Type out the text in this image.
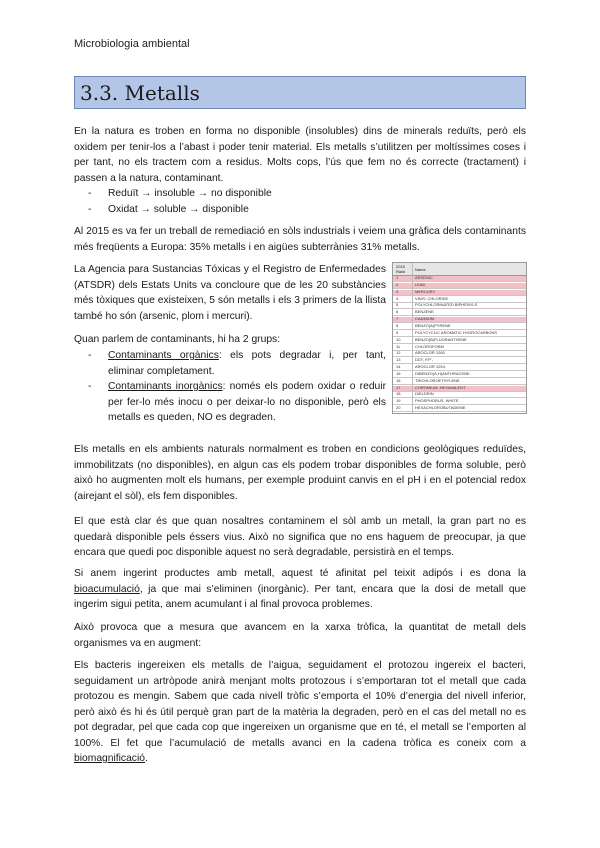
Microbiologia ambiental
3.3. Metalls

En la natura es troben en forma no disponible (insolubles) dins de minerals reduïts, però els oxidem per tenir-los a l’abast i poder tenir material. Els metalls s’utilitzen per moltíssimes coses i per tant, no els tractem com a residus. Molts cops, l’ús que fem no és correcte (tractament) i passen a la natura, contaminant.

- Reduït → insoluble → no disponible
- Oxidat → soluble → disponible

Al 2015 es va fer un treball de remediació en sòls industrials i veiem una gràfica dels contaminants més freqüents a Europa: 35% metalls i en aigües subterrànies 31% metalls.

La Agencia para Sustancias Tóxicas y el Registro de Enfermedades (ATSDR) dels Estats Units va concloure que de les 20 substàncies més tòxiques que existeixen, 5 són metalls i els 3 primers de la llista també ho són (arsenic, plom i mercuri).

Quan parlem de contaminants, hi ha 2 grups:

- Contaminants orgànics: els pots degradar i, per tant, eliminar completament.
- Contaminants inorgànics: només els podem oxidar o reduir per fer-lo més inocu o per deixar-lo no disponible, però els metalls es queden, NO es degraden.
2015 Rank	Name
1	ARSENIC
2	LEAD
3	MERCURY
4	VINYL CHLORIDE
5	POLYCHLORINATED BIPHENYLS
6	BENZENE
7	CADMIUM
8	BENZO(A)PYRENE
9	POLYCYCLIC AROMATIC HYDROCARBONS
10	BENZO(B)FLUORANTHENE
11	CHLOROFORM
12	AROCLOR 1260
13	DDT, P,P'-
14	AROCLOR 1254
15	DIBENZO(A,H)ANTHRACENE
16	TRICHLOROETHYLENE
17	CHROMIUM, HEXAVALENT
18	DIELDRIN
19	PHOSPHORUS, WHITE
20	HEXACHLOROBUTADIENE

Els metalls en els ambients naturals normalment es troben en condicions geològiques reduïdes, immobilitzats (no disponibles), en algun cas els podem trobar disponibles de forma soluble, però això ho augmenten molt els humans, per exemple produint canvis en el pH i en el potencial redox (airejant el sòl), els fem disponibles.

El que està clar és que quan nosaltres contaminem el sòl amb un metall, la gran part no es quedarà disponible pels éssers vius. Això no significa que no ens haguem de preocupar, ja que encara que quedi poc disponible aquest no serà degradable, persistirà en el temps.

Si anem ingerint productes amb metall, aquest té afinitat pel teixit adipós i es dona la bioacumulació, ja que mai s’eliminen (inorgànic). Per tant, encara que la dosi de metall que ingerim sigui petita, anem acumulant i al final provoca problemes.

Això provoca que a mesura que avancem en la xarxa tròfica, la quantitat de metall dels organismes va en augment:

Els bacteris ingereixen els metalls de l’aigua, seguidament el protozou ingereix el bacteri, seguidament un artròpode anirà menjant molts protozous i s’emportaran tot el metall que cada protozou es mengin. Sabem que cada nivell tròfic s’emporta el 10% d’energia del nivell inferior, però això és hi és útil perquè gran part de la matèria la degraden, però en el cas del metall no es pot degradar, pel que cada cop que ingereixen un organisme que en té, el metall se l’emporten al 100%. El fet que l’acumulació de metalls avanci en la cadena tròfica es coneix com a biomagnificació.
